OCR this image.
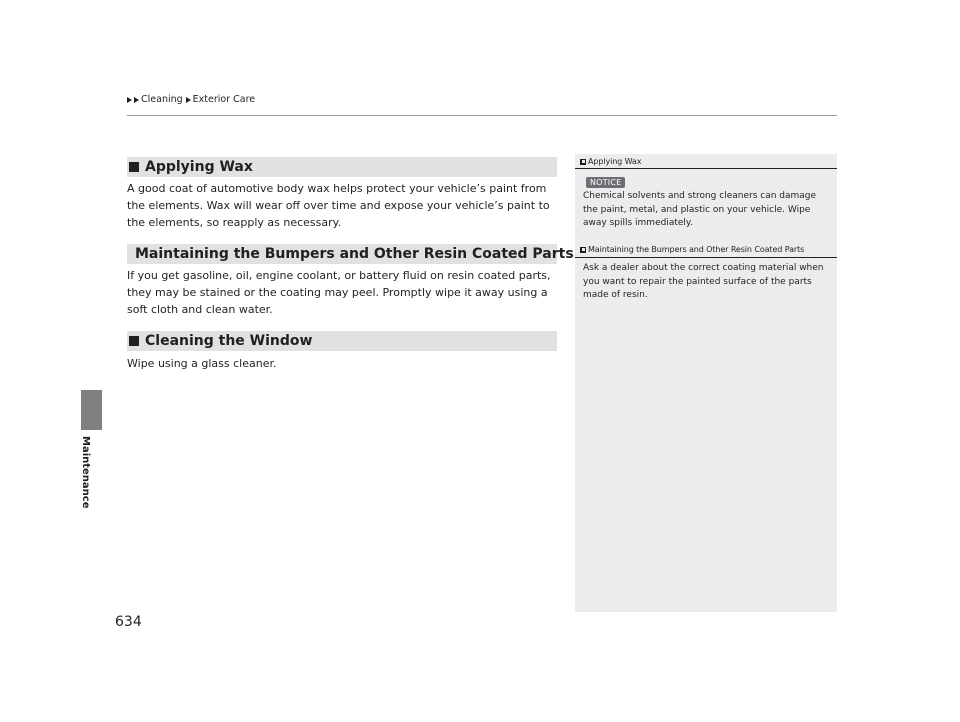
Cleaning Exterior Care
Maintenance
Applying Wax
A good coat of automotive body wax helps protect your vehicle’s paint from the elements. Wax will wear off over time and expose your vehicle’s paint to the elements, so reapply as necessary.
Maintaining the Bumpers and Other Resin Coated Parts
If you get gasoline, oil, engine coolant, or battery fluid on resin coated parts, they may be stained or the coating may peel. Promptly wipe it away using a soft cloth and clean water.
Cleaning the Window
Wipe using a glass cleaner.
Applying Wax
NOTICE
Chemical solvents and strong cleaners can damage the paint, metal, and plastic on your vehicle. Wipe away spills immediately.
Maintaining the Bumpers and Other Resin Coated Parts
Ask a dealer about the correct coating material when you want to repair the painted surface of the parts made of resin.
634
